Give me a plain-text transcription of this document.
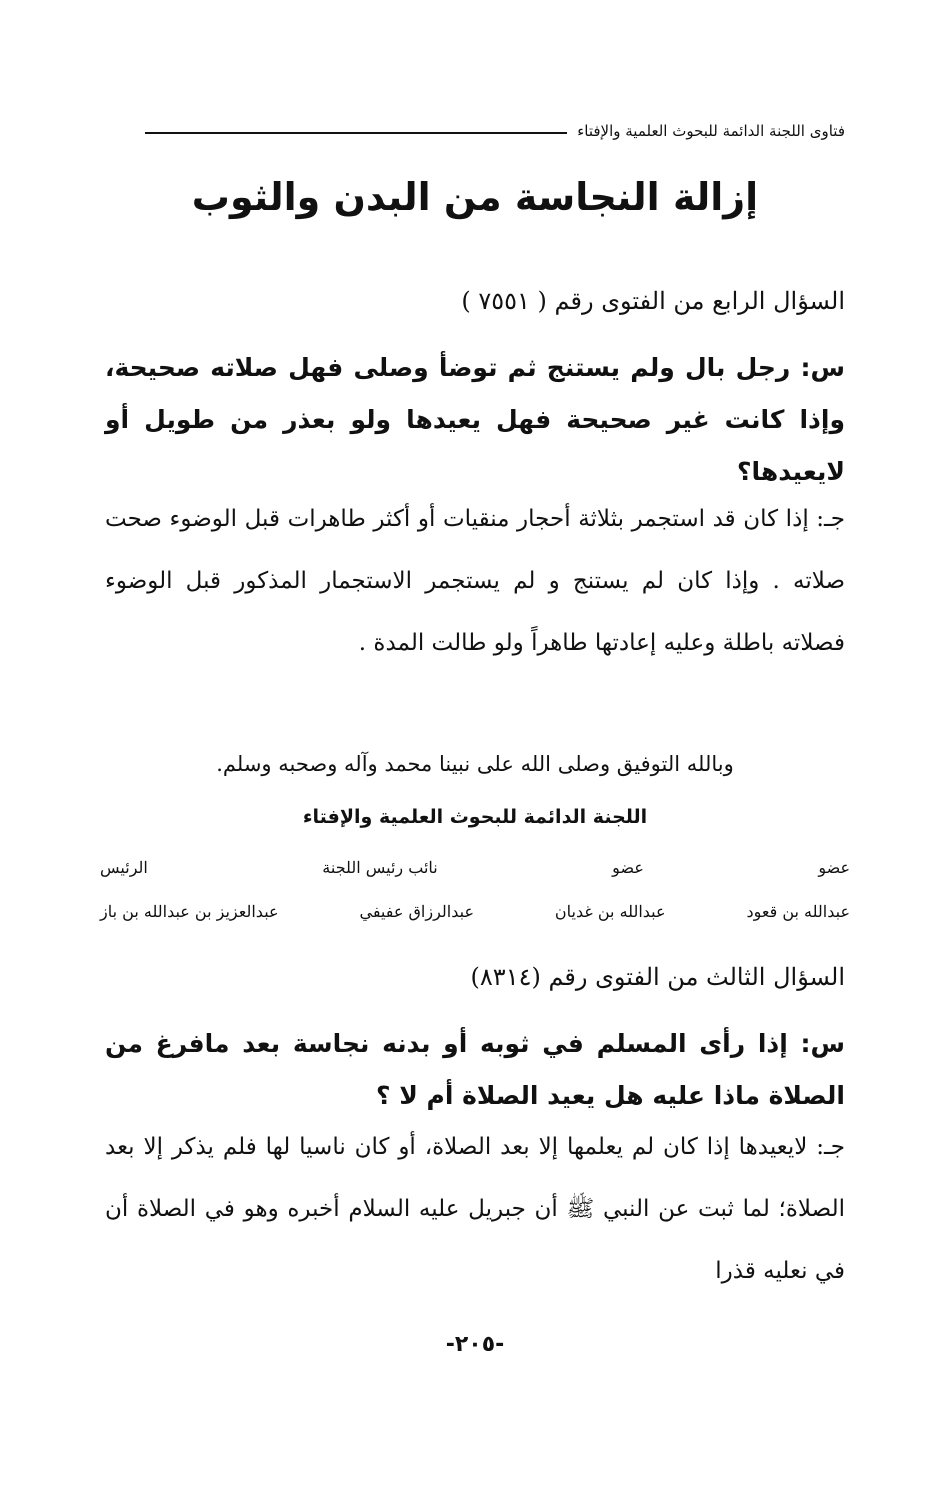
فتاوى اللجنة الدائمة للبحوث العلمية والإفتاء
إزالة النجاسة من البدن والثوب
السؤال الرابع من الفتوى رقم ( ٧٥٥١ )
س: رجل بال ولم يستنج ثم توضأ وصلى فهل صلاته صحيحة، وإذا كانت غير صحيحة فهل يعيدها ولو بعذر من طويل أو لايعيدها؟
جـ: إذا كان قد استجمر بثلاثة أحجار منقيات أو أكثر طاهرات قبل الوضوء صحت صلاته . وإذا كان لم يستنج و لم يستجمر الاستجمار المذكور قبل الوضوء فصلاته باطلة وعليه إعادتها طاهراً ولو طالت المدة .
وبالله التوفيق وصلى الله على نبينا محمد وآله وصحبه وسلم.
اللجنة الدائمة للبحوث العلمية والإفتاء
عضو
عضو
نائب رئيس اللجنة
الرئيس
عبدالله بن قعود
عبدالله بن غديان
عبدالرزاق عفيفي
عبدالعزيز بن عبدالله بن باز
السؤال الثالث من الفتوى رقم (٨٣١٤)
س: إذا رأى المسلم في ثوبه أو بدنه نجاسة بعد مافرغ من الصلاة ماذا عليه هل يعيد الصلاة أم لا ؟
جـ: لايعيدها إذا كان لم يعلمها إلا بعد الصلاة، أو كان ناسيا لها فلم يذكر إلا بعد الصلاة؛ لما ثبت عن النبي ﷺ أن جبريل عليه السلام أخبره وهو في الصلاة أن في نعليه قذرا
-٢٠٥-
